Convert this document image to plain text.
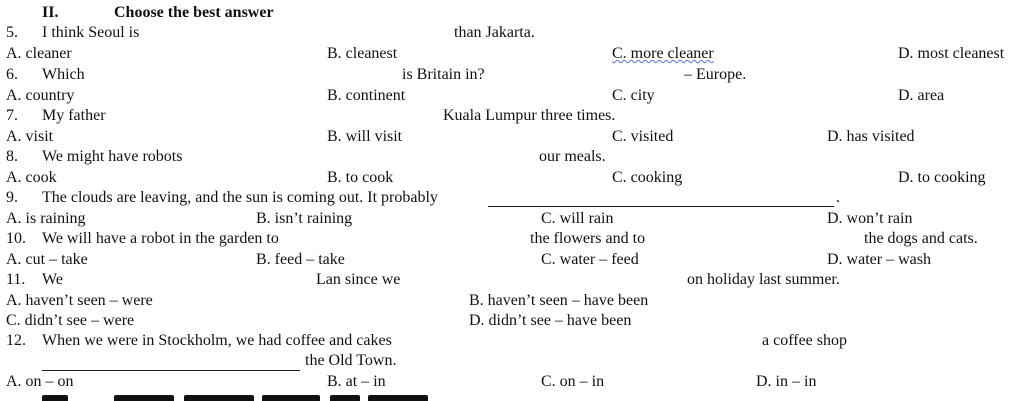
II.	Choose the best answer
5. I think Seoul is	than Jakarta.
A. cleaner	B. cleanest	C. more cleaner	D. most cleanest
6. Which	is Britain in?	– Europe.
A. country	B. continent	C. city	D. area
7. My father	Kuala Lumpur three times.
A. visit	B. will visit	C. visited	D. has visited
8. We might have robots	our meals.
A. cook	B. to cook	C. cooking	D. to cooking
9. The clouds are leaving, and the sun is coming out. It probably	.
A. is raining	B. isn’t raining	C. will rain	D. won’t rain
10. We will have a robot in the garden to	the flowers and to	the dogs and cats.
A. cut – take	B. feed – take	C. water – feed	D. water – wash
11. We	Lan since we	on holiday last summer.
A. haven’t seen – were	B. haven’t seen – have been
C. didn’t see – were	D. didn’t see – have been
12. When we were in Stockholm, we had coffee and cakes	a coffee shop
the Old Town.
A. on – on	B. at – in	C. on – in	D. in – in
